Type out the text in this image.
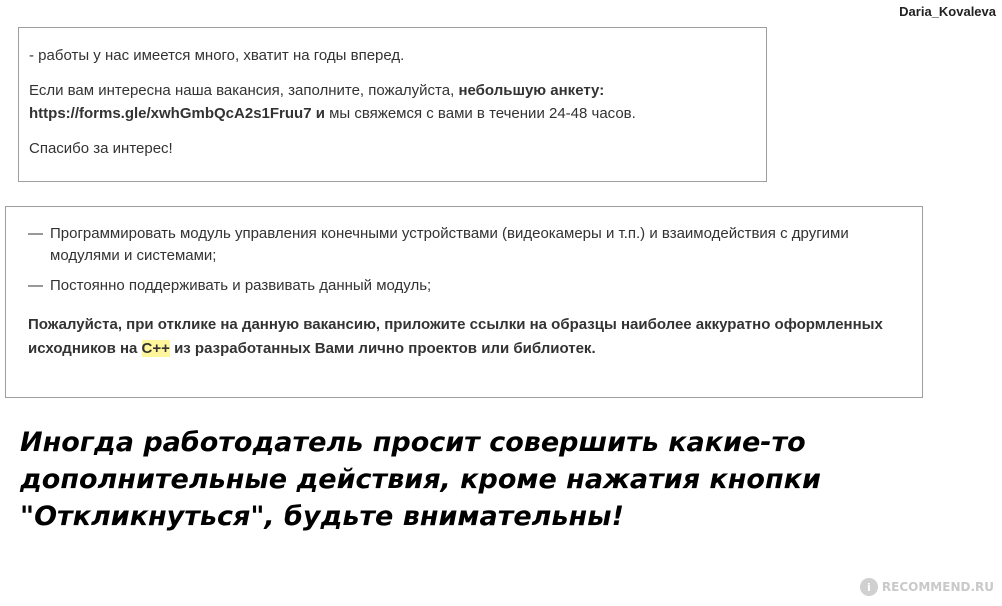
Daria_Kovaleva

- работы у нас имеется много, хватит на годы вперед.

Если вам интересна наша вакансия, заполните, пожалуйста, небольшую анкету:
https://forms.gle/xwhGmbQcA2s1Fruu7 и мы свяжемся с вами в течении 24-48 часов.

Спасибо за интерес!

— Программировать модуль управления конечными устройствами (видеокамеры и т.п.) и взаимодействия с другими модулями и системами;
— Постоянно поддерживать и развивать данный модуль;
Пожалуйста, при отклике на данную вакансию, приложите ссылки на образцы наиболее аккуратно оформленных исходников на C++ из разработанных Вами лично проектов или библиотек.
Иногда работодатель просит совершить какие-то дополнительные действия, кроме нажатия кнопки "Откликнуться", будьте внимательны!
i RECOMMEND.RU
